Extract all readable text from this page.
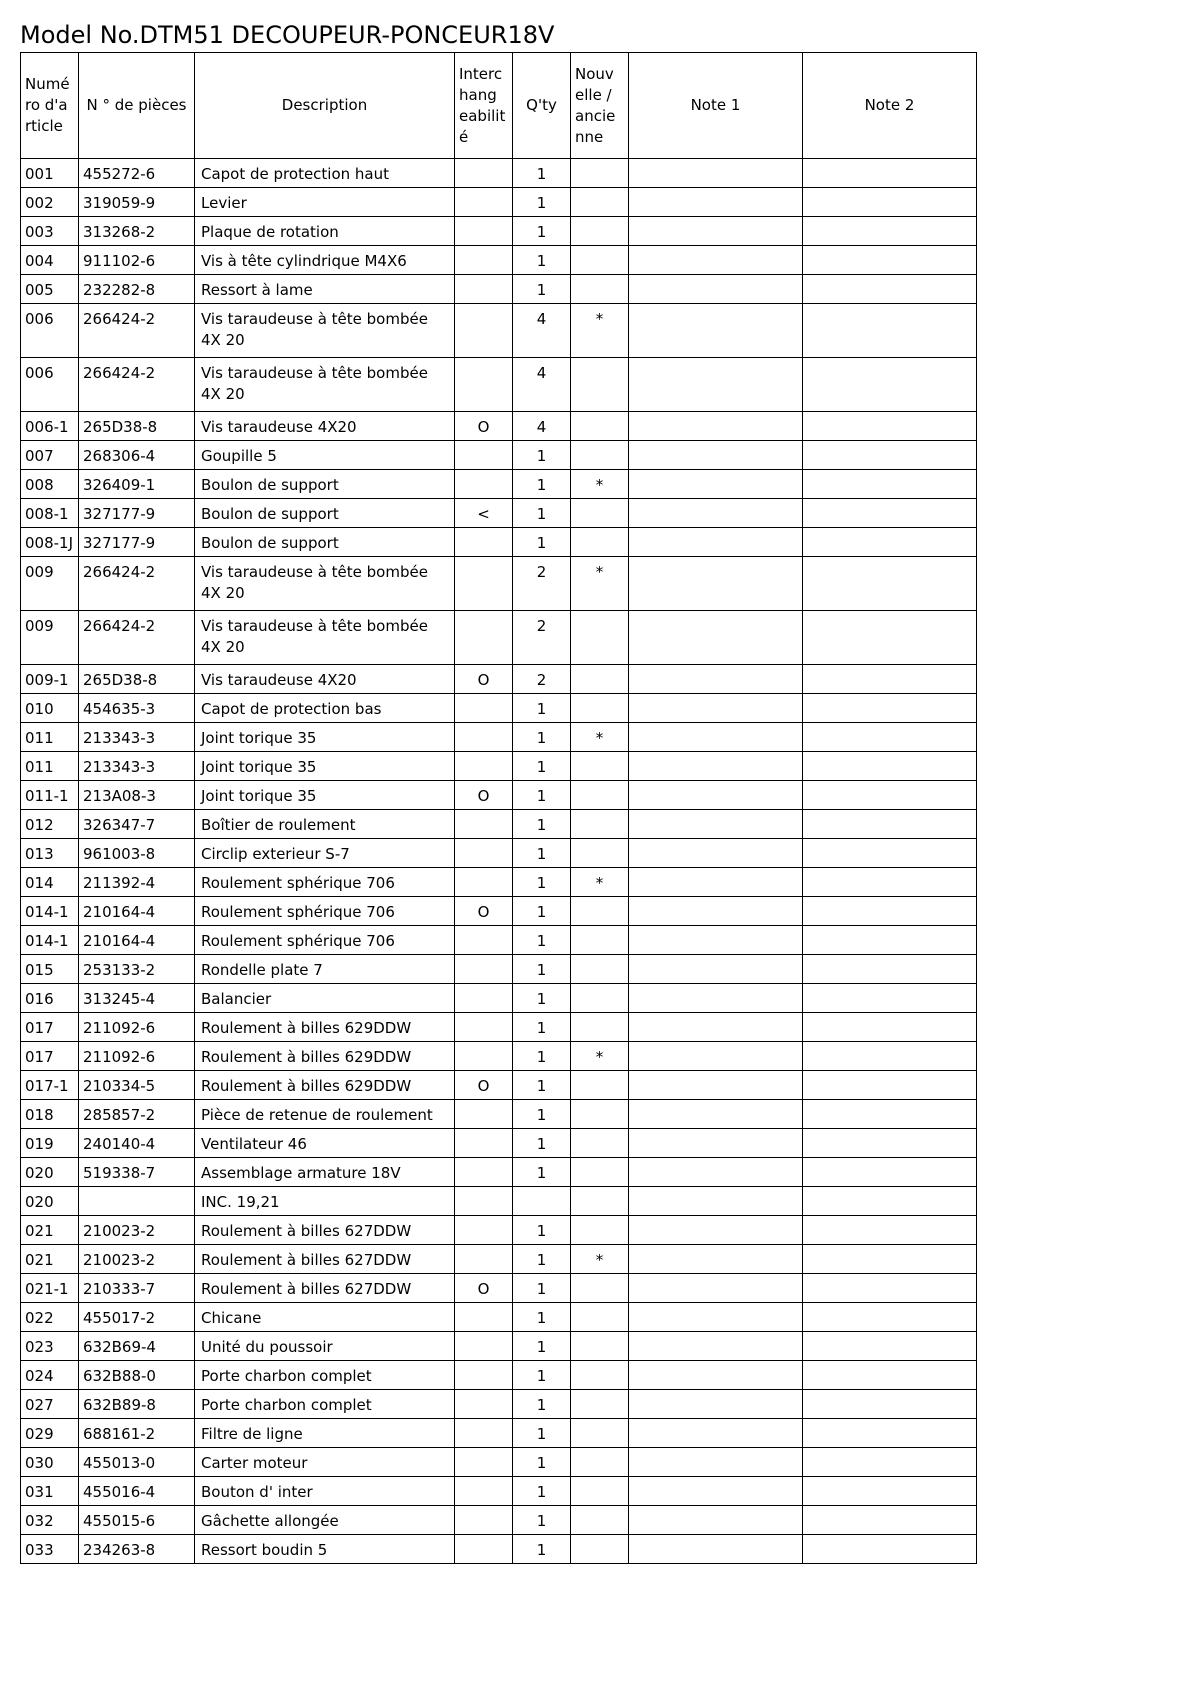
Model No.DTM51 DECOUPEUR-PONCEUR18V
Numé ro d'a rticle	N ° de pièces	Description	Interc hang eabilit é	Q'ty	Nouv elle / ancie nne	Note 1	Note 2
001	455272-6	Capot de protection haut		1			
002	319059-9	Levier		1			
003	313268-2	Plaque de rotation		1			
004	911102-6	Vis à tête cylindrique M4X6		1			
005	232282-8	Ressort à lame		1			
006	266424-2	Vis taraudeuse à tête bombée 4X 20		4	*		
006	266424-2	Vis taraudeuse à tête bombée 4X 20		4			
006-1	265D38-8	Vis taraudeuse 4X20	O	4			
007	268306-4	Goupille 5		1			
008	326409-1	Boulon de support		1	*		
008-1	327177-9	Boulon de support	<	1			
008-1J	327177-9	Boulon de support		1			
009	266424-2	Vis taraudeuse à tête bombée 4X 20		2	*		
009	266424-2	Vis taraudeuse à tête bombée 4X 20		2			
009-1	265D38-8	Vis taraudeuse 4X20	O	2			
010	454635-3	Capot de protection bas		1			
011	213343-3	Joint torique 35		1	*		
011	213343-3	Joint torique 35		1			
011-1	213A08-3	Joint torique 35	O	1			
012	326347-7	Boîtier de roulement		1			
013	961003-8	Circlip exterieur S-7		1			
014	211392-4	Roulement sphérique 706		1	*		
014-1	210164-4	Roulement sphérique 706	O	1			
014-1	210164-4	Roulement sphérique 706		1			
015	253133-2	Rondelle plate 7		1			
016	313245-4	Balancier		1			
017	211092-6	Roulement à billes 629DDW		1			
017	211092-6	Roulement à billes 629DDW		1	*		
017-1	210334-5	Roulement à billes 629DDW	O	1			
018	285857-2	Pièce de retenue de roulement		1			
019	240140-4	Ventilateur 46		1			
020	519338-7	Assemblage armature 18V		1			
020		INC. 19,21					
021	210023-2	Roulement à billes 627DDW		1			
021	210023-2	Roulement à billes 627DDW		1	*		
021-1	210333-7	Roulement à billes 627DDW	O	1			
022	455017-2	Chicane		1			
023	632B69-4	Unité du poussoir		1			
024	632B88-0	Porte charbon complet		1			
027	632B89-8	Porte charbon complet		1			
029	688161-2	Filtre de ligne		1			
030	455013-0	Carter moteur		1			
031	455016-4	Bouton d' inter		1			
032	455015-6	Gâchette allongée		1			
033	234263-8	Ressort boudin 5		1			
